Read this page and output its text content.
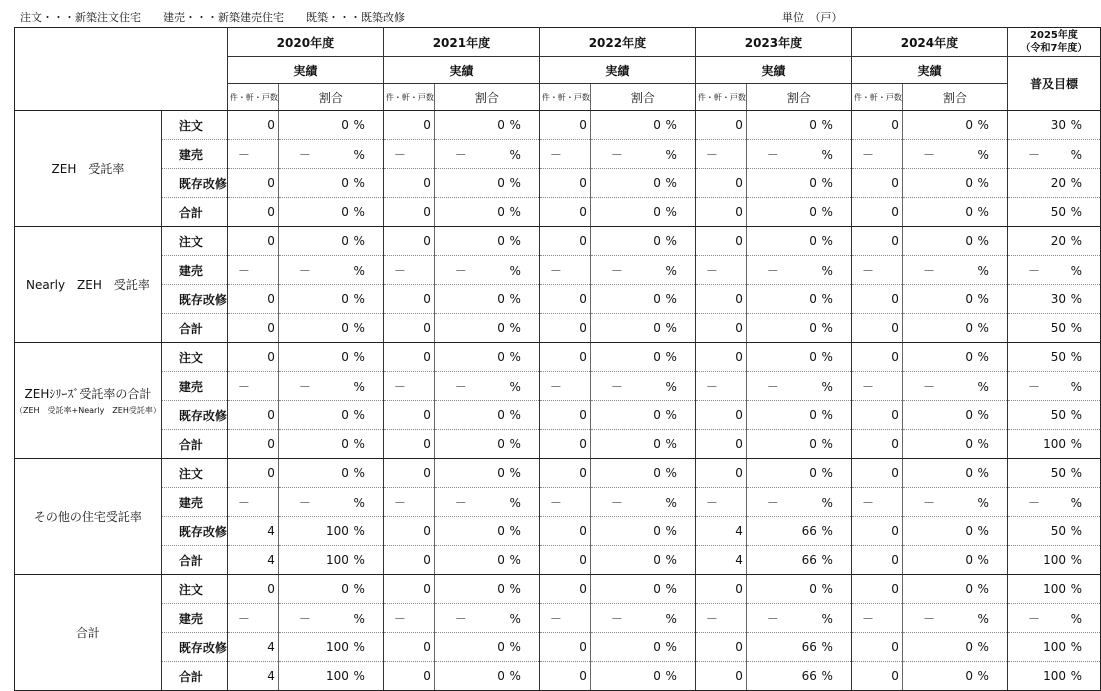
注文・・・新築注文住宅　　建売・・・新築建売住宅　　既築・・・既築改修	単位　（戸）
		2020年度		2021年度		2022年度		2023年度		2024年度		2025年度
（令和7年度）

		実績		実績		実績		実績		実績		普及目標
		件・軒・戸数	割合	件・軒・戸数	割合	件・軒・戸数	割合	件・軒・戸数	割合	件・軒・戸数	割合	

ZEH　受託率	注文	0	0 %	0	0 %	0	0 %	0	0 %	0	0 %	30 %
	建売	－	－ %	－	－ %	－	－ %	－	－ %	－	－ %	－ %
	既存改修	0	0 %	0	0 %	0	0 %	0	0 %	0	0 %	20 %
	合計	0	0 %	0	0 %	0	0 %	0	0 %	0	0 %	50 %

Nearly　ZEH　受託率	注文	0	0 %	0	0 %	0	0 %	0	0 %	0	0 %	20 %
	建売	－	－ %	－	－ %	－	－ %	－	－ %	－	－ %	－ %
	既存改修	0	0 %	0	0 %	0	0 %	0	0 %	0	0 %	30 %
	合計	0	0 %	0	0 %	0	0 %	0	0 %	0	0 %	50 %

ZEHｼﾘｰｽﾞ受託率の合計
（ZEH　受託率+Nearly　ZEH受託率）	注文	0	0 %	0	0 %	0	0 %	0	0 %	0	0 %	50 %
	建売	－	－ %	－	－ %	－	－ %	－	－ %	－	－ %	－ %
	既存改修	0	0 %	0	0 %	0	0 %	0	0 %	0	0 %	50 %
	合計	0	0 %	0	0 %	0	0 %	0	0 %	0	0 %	100 %

その他の住宅受託率	注文	0	0 %	0	0 %	0	0 %	0	0 %	0	0 %	50 %
	建売	－	－ %	－	－ %	－	－ %	－	－ %	－	－ %	－ %
	既存改修	4	100 %	0	0 %	0	0 %	4	66 %	0	0 %	50 %
	合計	4	100 %	0	0 %	0	0 %	4	66 %	0	0 %	100 %

合計	注文	0	0 %	0	0 %	0	0 %	0	0 %	0	0 %	100 %
	建売	－	－ %	－	－ %	－	－ %	－	－ %	－	－ %	－ %
	既存改修	4	100 %	0	0 %	0	0 %	0	66 %	0	0 %	100 %
	合計	4	100 %	0	0 %	0	0 %	0	66 %	0	0 %	100 %
